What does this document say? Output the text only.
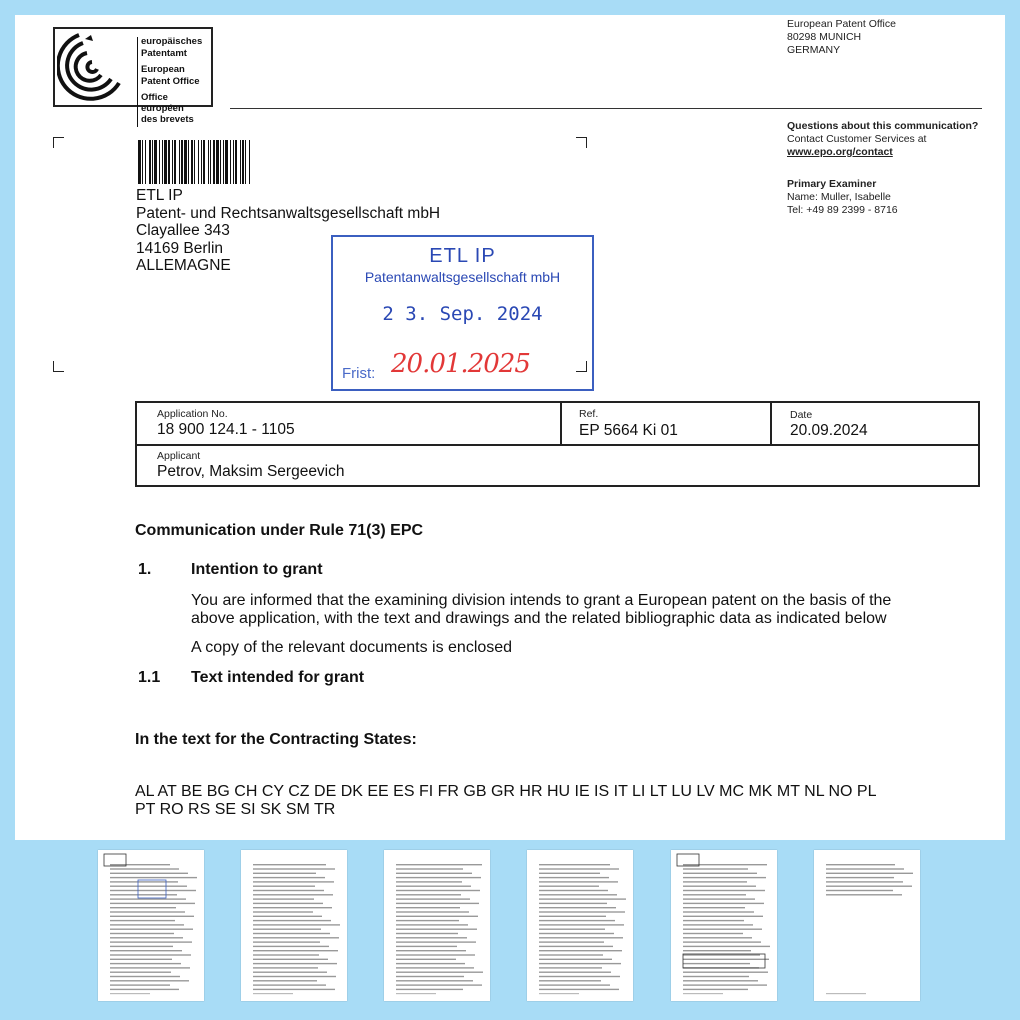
europäisches
Patentamt
European
Patent Office
Office européen
des brevets
European Patent Office
80298 MUNICH
GERMANY
Questions about this communication?
Contact Customer Services at
www.epo.org/contact
Primary Examiner
Name: Muller, Isabelle
Tel: +49 89 2399 - 8716
ETL IP
Patent- und Rechtsanwaltsgesellschaft mbH
Clayallee 343
14169 Berlin
ALLEMAGNE	ETL IP
Patentanwaltsgesellschaft mbH
2 3. Sep. 2024
Frist: 20.01.2025
Application No.
18 900 124.1 - 1105
Ref.
EP 5664 Ki 01
Date
20.09.2024
Applicant
Petrov, Maksim Sergeevich
Communication under Rule 71(3) EPC
1. Intention to grant
You are informed that the examining division intends to grant a European patent on the basis of the
above application, with the text and drawings and the related bibliographic data as indicated below
A copy of the relevant documents is enclosed
1.1 Text intended for grant
In the text for the Contracting States:
AL AT BE BG CH CY CZ DE DK EE ES FI FR GB GR HR HU IE IS IT LI LT LU LV MC MK MT NL NO PL
PT RO RS SE SI SK SM TR
